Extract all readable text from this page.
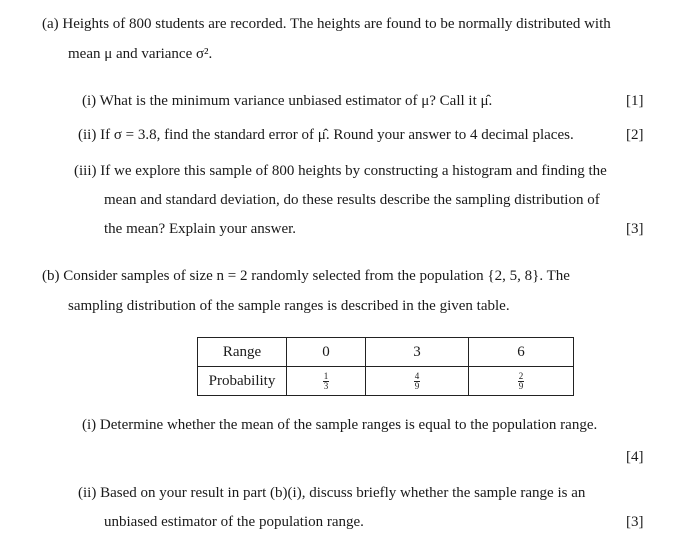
(a) Heights of 800 students are recorded. The heights are found to be normally distributed with
mean μ and variance σ².
(i) What is the minimum variance unbiased estimator of μ? Call it μ̂.	[1]
(ii) If σ = 3.8, find the standard error of μ̂. Round your answer to 4 decimal places.	[2]
(iii) If we explore this sample of 800 heights by constructing a histogram and finding the
mean and standard deviation, do these results describe the sampling distribution of
the mean? Explain your answer.	[3]
(b) Consider samples of size n = 2 randomly selected from the population {2, 5, 8}. The
sampling distribution of the sample ranges is described in the given table.
Range	0	3	6
Probability	$\frac{1}{3}$	$\frac{4}{9}$	$\frac{2}{9}$
(i) Determine whether the mean of the sample ranges is equal to the population range.
[4]
(ii) Based on your result in part (b)(i), discuss briefly whether the sample range is an
unbiased estimator of the population range.	[3]
